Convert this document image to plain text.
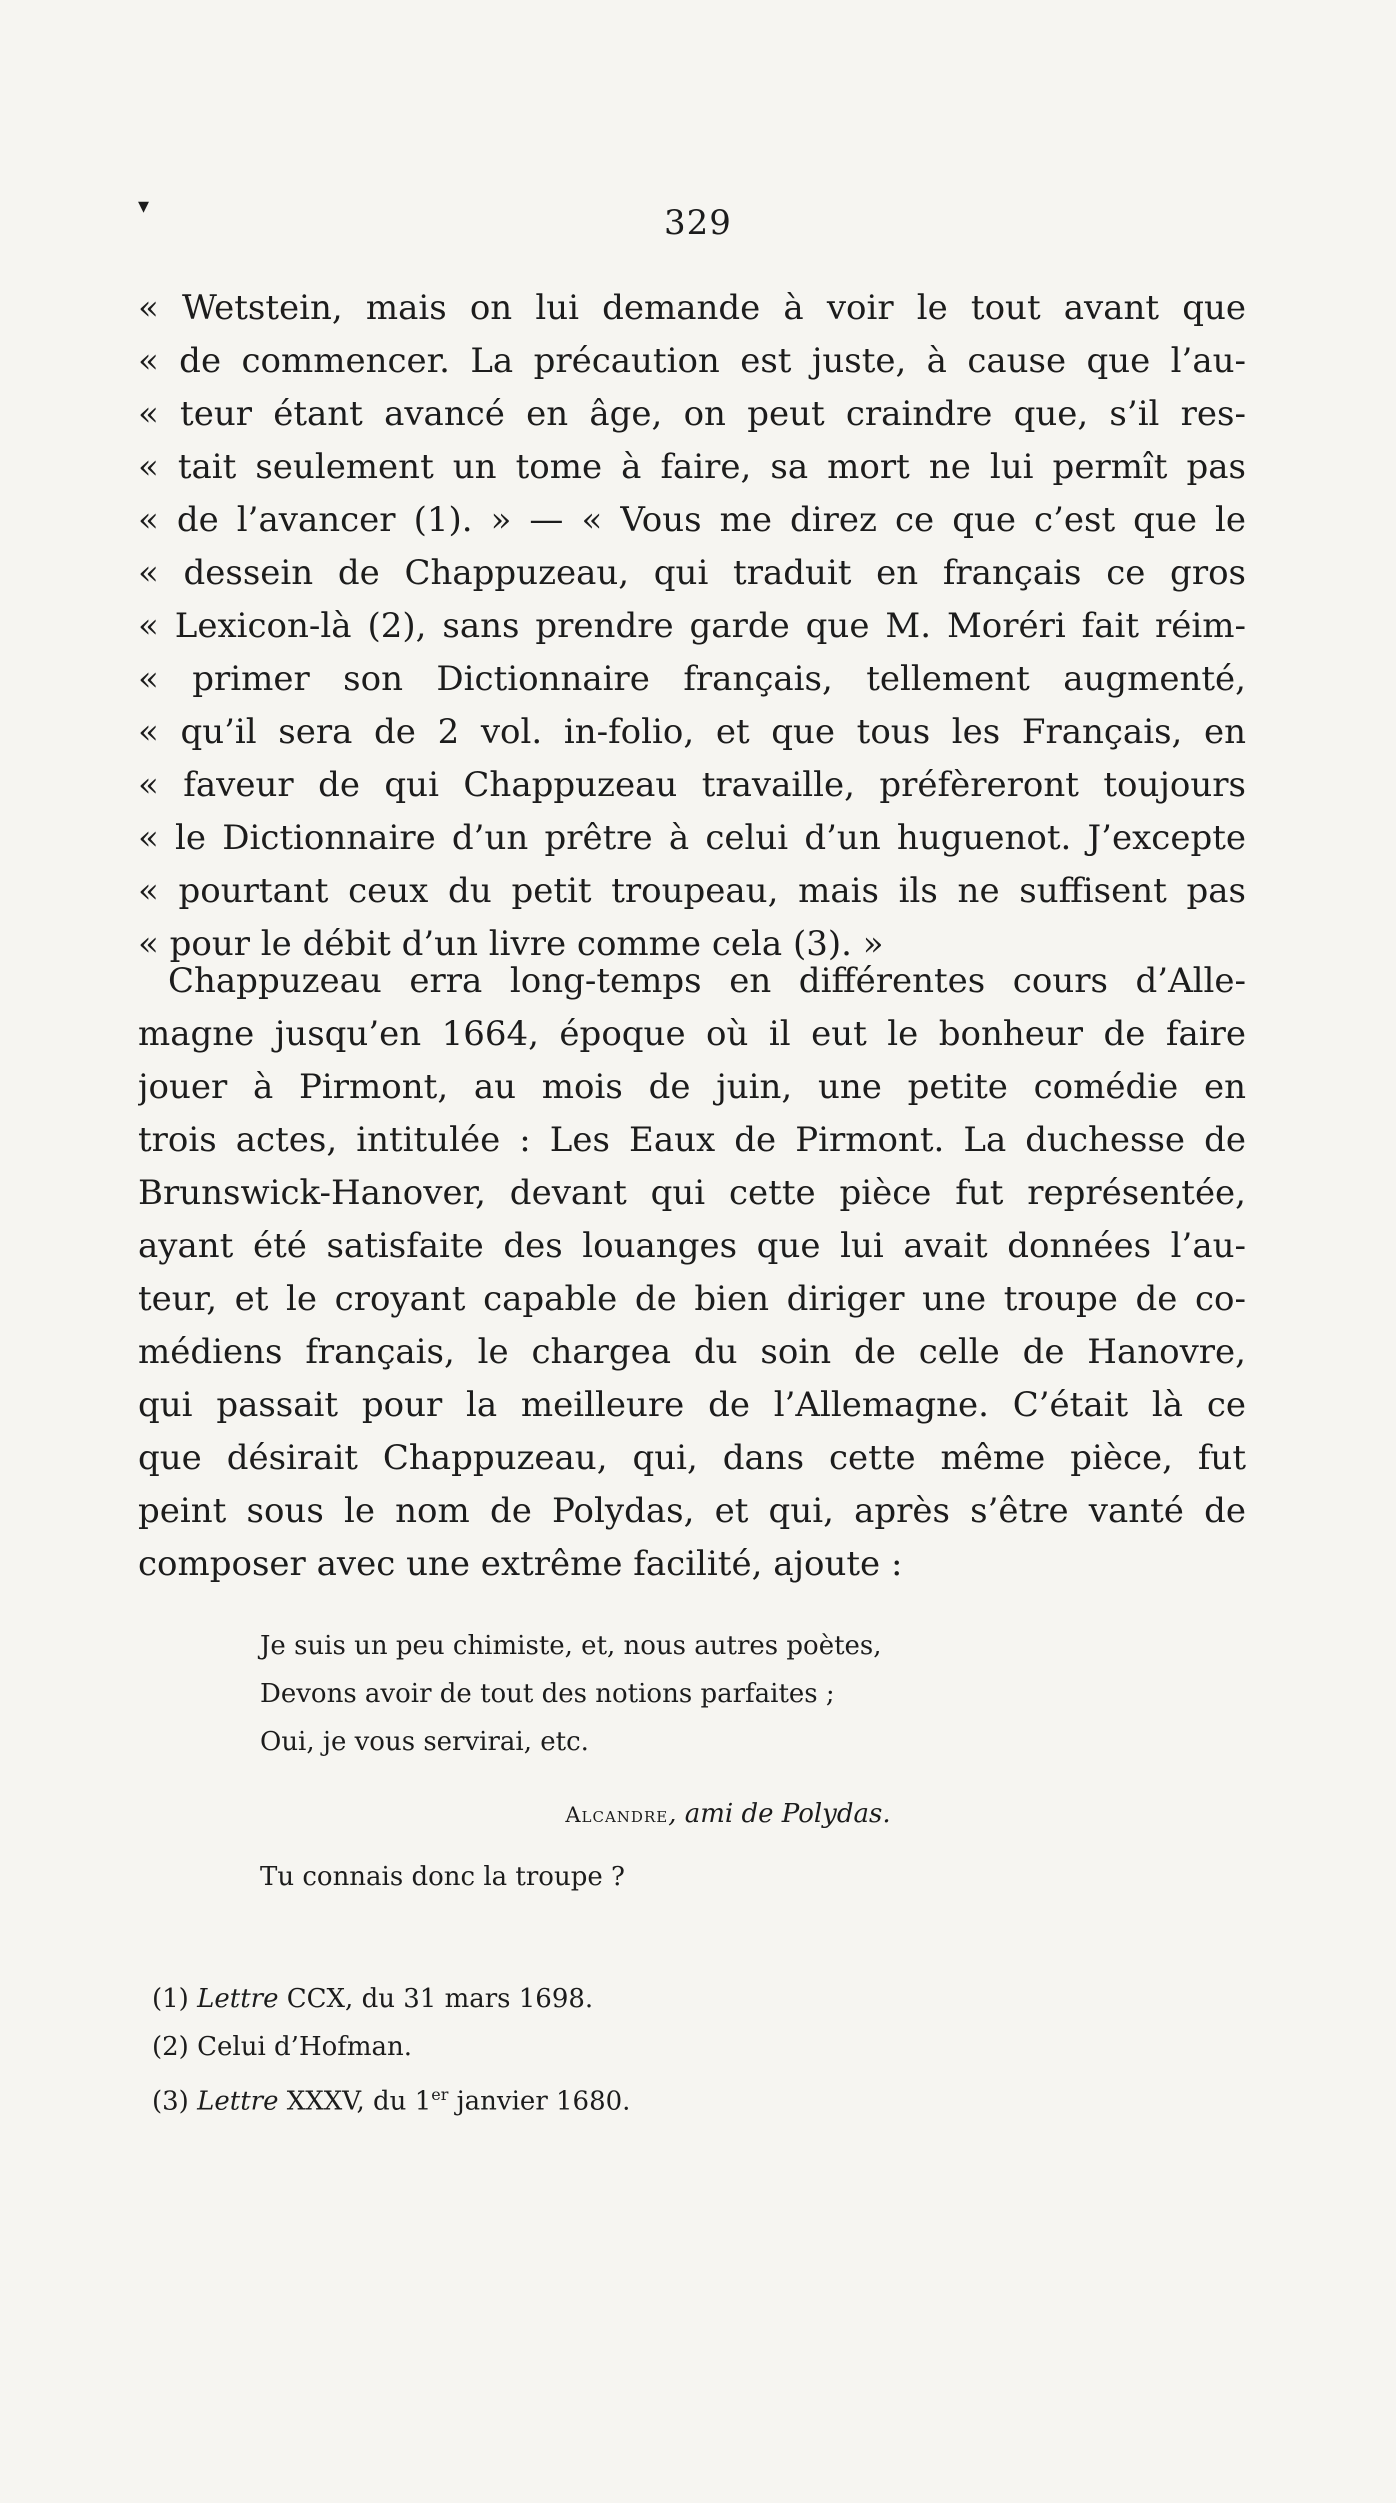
▾	329
« Wetstein, mais on lui demande à voir le tout avant que
« de commencer. La précaution est juste, à cause que l’au-
« teur étant avancé en âge, on peut craindre que, s’il res-
« tait seulement un tome à faire, sa mort ne lui permît pas
« de l’avancer (1). » — « Vous me direz ce que c’est que le
« dessein de Chappuzeau, qui traduit en français ce gros
« Lexicon-là (2), sans prendre garde que M. Moréri fait réim-
« primer son Dictionnaire français, tellement augmenté,
« qu’il sera de 2 vol. in-folio, et que tous les Français, en
« faveur de qui Chappuzeau travaille, préfèreront toujours
« le Dictionnaire d’un prêtre à celui d’un huguenot. J’excepte
« pourtant ceux du petit troupeau, mais ils ne suffisent pas
« pour le débit d’un livre comme cela (3). »
Chappuzeau erra long-temps en différentes cours d’Alle-
magne jusqu’en 1664, époque où il eut le bonheur de faire
jouer à Pirmont, au mois de juin, une petite comédie en
trois actes, intitulée : Les Eaux de Pirmont. La duchesse de
Brunswick-Hanover, devant qui cette pièce fut représentée,
ayant été satisfaite des louanges que lui avait données l’au-
teur, et le croyant capable de bien diriger une troupe de co-
médiens français, le chargea du soin de celle de Hanovre,
qui passait pour la meilleure de l’Allemagne. C’était là ce
que désirait Chappuzeau, qui, dans cette même pièce, fut
peint sous le nom de Polydas, et qui, après s’être vanté de
composer avec une extrême facilité, ajoute :
Je suis un peu chimiste, et, nous autres poètes,
Devons avoir de tout des notions parfaites ;
Oui, je vous servirai, etc.
Alcandre, ami de Polydas.
Tu connais donc la troupe ?
(1) Lettre CCX, du 31 mars 1698.
(2) Celui d’Hofman.
(3) Lettre XXXV, du 1er janvier 1680.
